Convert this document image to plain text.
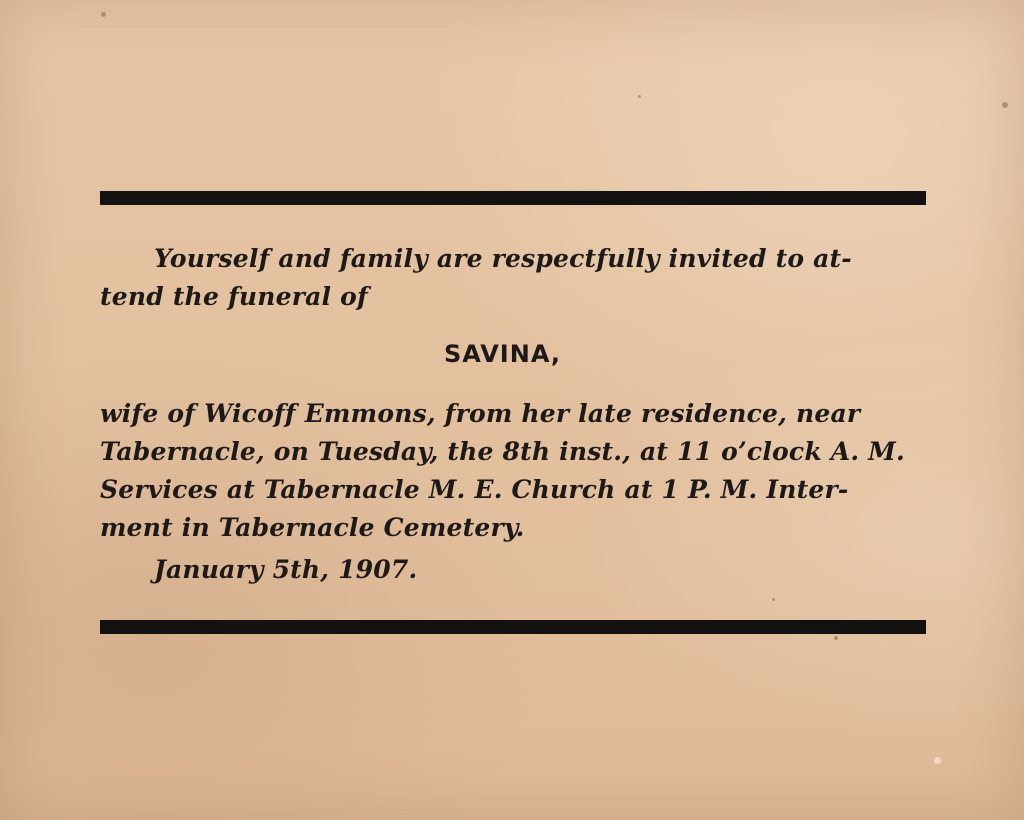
Yourself and family are respectfully invited to at-

tend the funeral of

SAVINA,

wife of Wicoff Emmons, from her late residence, near

Tabernacle, on Tuesday, the 8th inst., at 11 o’clock A. M.

Services at Tabernacle M. E. Church at 1 P. M. Inter-

ment in Tabernacle Cemetery.

January 5th, 1907.
